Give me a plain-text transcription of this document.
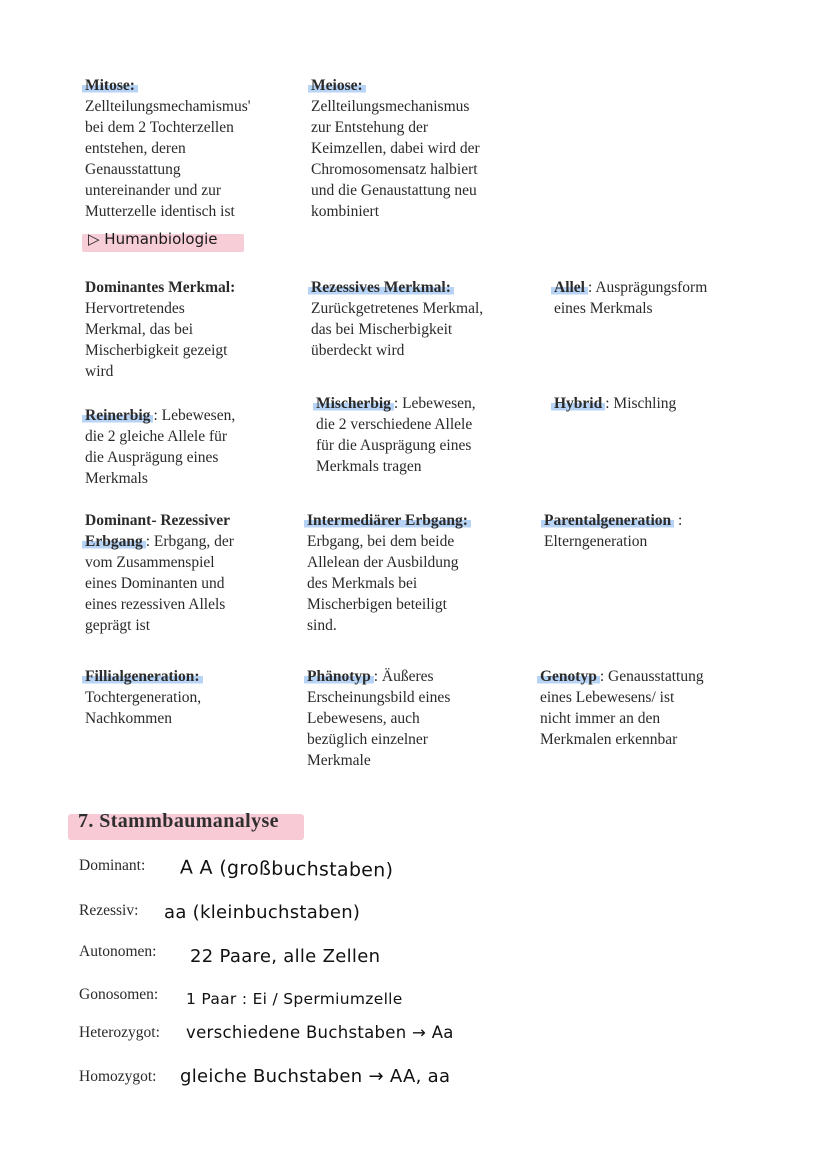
Mitose:
Zellteilungsmechamismus'
bei dem 2 Tochterzellen
entstehen, deren
Genausstattung
untereinander und zur
Mutterzelle identisch ist
Meiose:
Zellteilungsmechanismus
zur Entstehung der
Keimzellen, dabei wird der
Chromosomensatz halbiert
und die Genaustattung neu
kombiniert
▷ Humanbiologie
Dominantes Merkmal:
Hervortretendes
Merkmal, das bei
Mischerbigkeit gezeigt
wird
Rezessives Merkmal:
Zurückgetretenes Merkmal,
das bei Mischerbigkeit
überdeckt wird
Allel : Ausprägungsform
eines Merkmals
Reinerbig : Lebewesen,
die 2 gleiche Allele für
die Ausprägung eines
Merkmals
Mischerbig : Lebewesen,
die 2 verschiedene Allele
für die Ausprägung eines
Merkmals tragen
Hybrid : Mischling
Dominant- Rezessiver
Erbgang : Erbgang, der
vom Zusammenspiel
eines Dominanten und
eines rezessiven Allels
geprägt ist
Intermediärer Erbgang:
Erbgang, bei dem beide
Allelean der Ausbildung
des Merkmals bei
Mischerbigen beteiligt
sind.
Parentalgeneration :
Elterngeneration
Fillialgeneration:
Tochtergeneration,
Nachkommen
Phänotyp : Äußeres
Erscheinungsbild eines
Lebewesens, auch
bezüglich einzelner
Merkmale
Genotyp : Genausstattung
eines Lebewesens/ ist
nicht immer an den
Merkmalen erkennbar
7. Stammbaumanalyse
Dominant: A A (großbuchstaben)
Rezessiv: aa (kleinbuchstaben)
Autonomen: 22 Paare, alle Zellen
Gonosomen: 1 Paar : Ei / Spermiumzelle
Heterozygot: verschiedene Buchstaben → Aa
Homozygot: gleiche Buchstaben → AA, aa
